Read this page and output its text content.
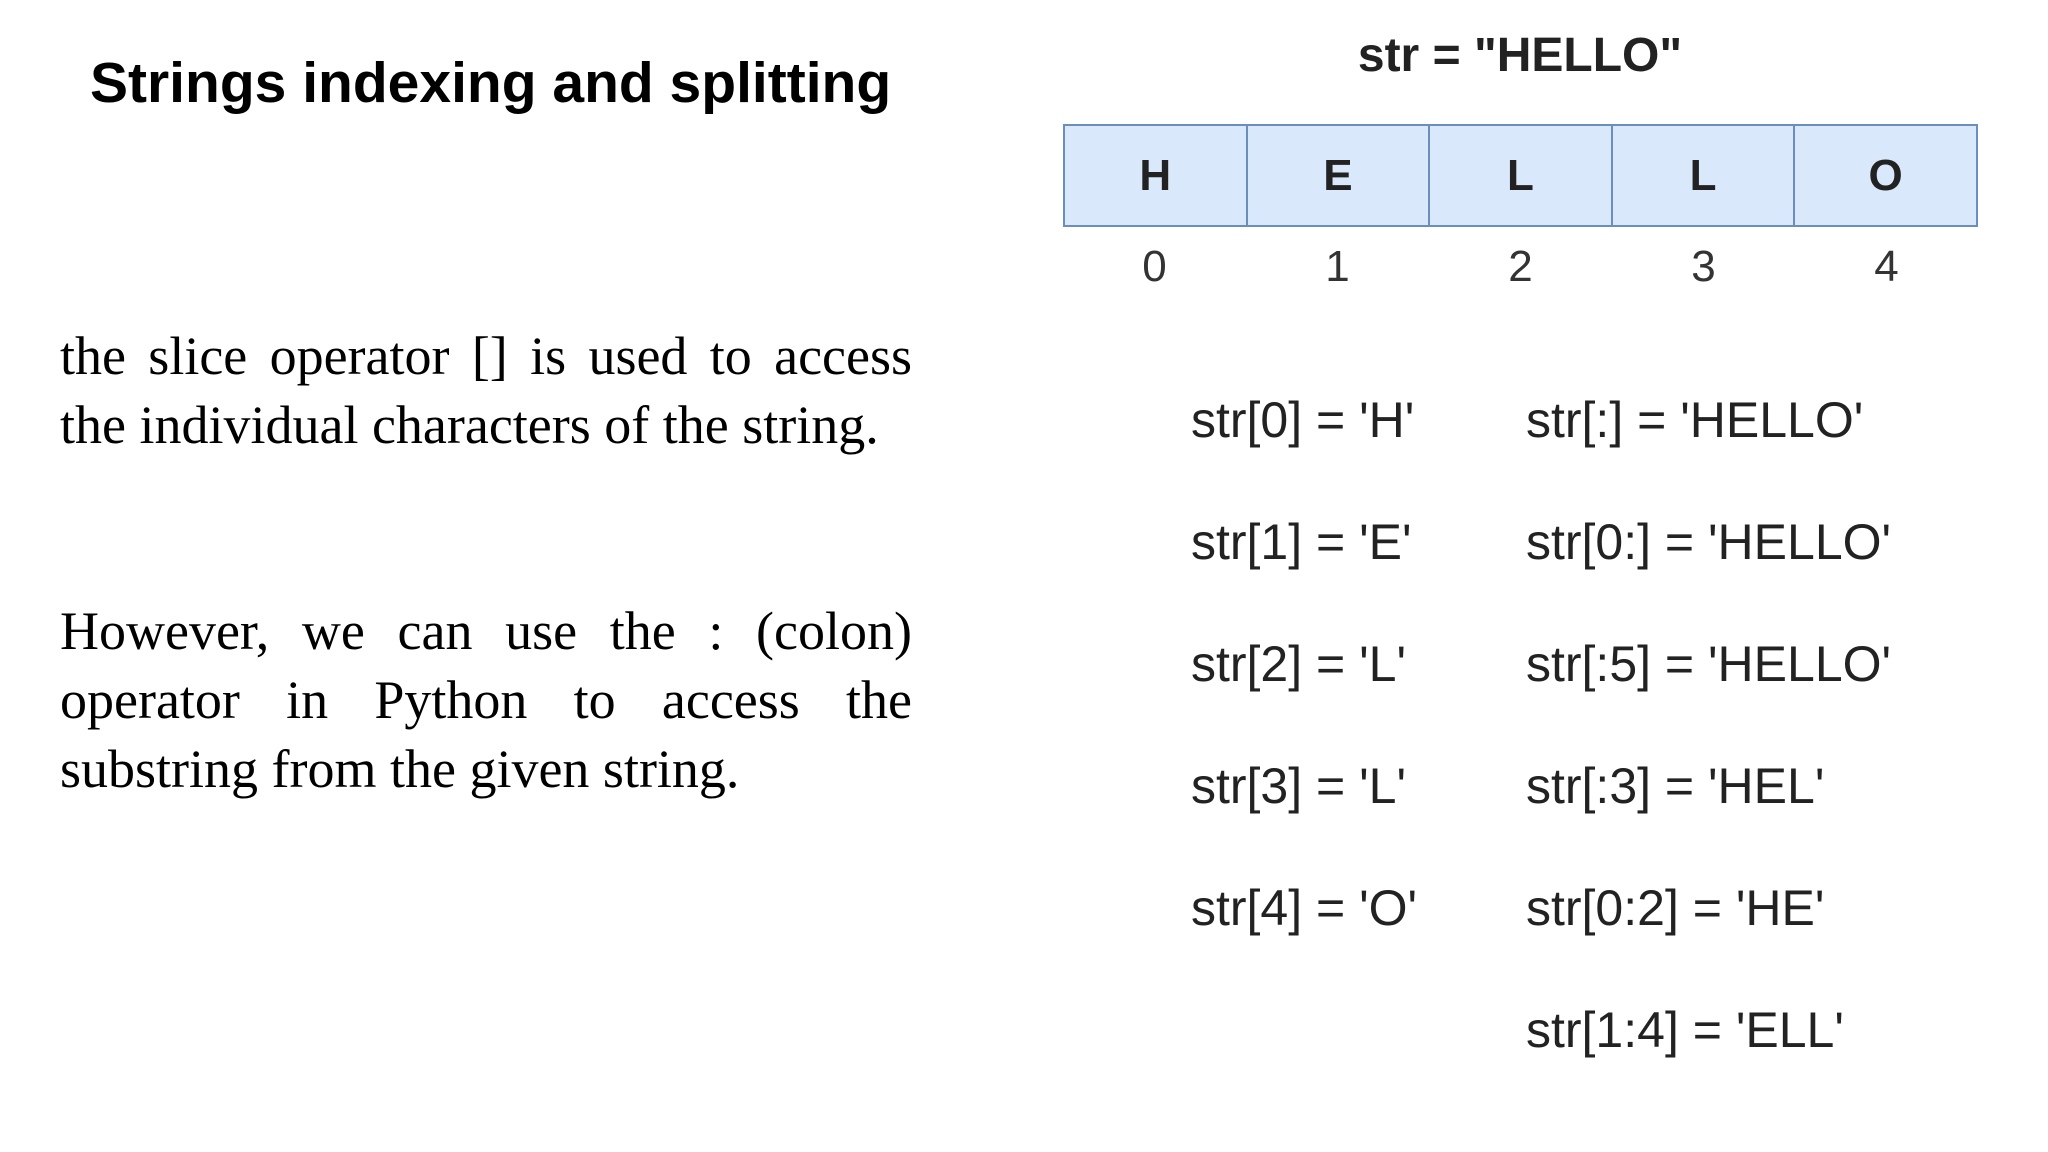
Strings indexing and splitting
the slice operator [] is used to access the individual characters of the string.
However, we can use the : (colon) operator in Python to access the substring from the given string.
str = "HELLO"
H	E	L	L	O
0	1	2	3	4
str[0] = 'H'
str[1] = 'E'
str[2] = 'L'
str[3] = 'L'
str[4] = 'O'
str[:] = 'HELLO'
str[0:] = 'HELLO'
str[:5] = 'HELLO'
str[:3] = 'HEL'
str[0:2] = 'HE'
str[1:4] = 'ELL'
